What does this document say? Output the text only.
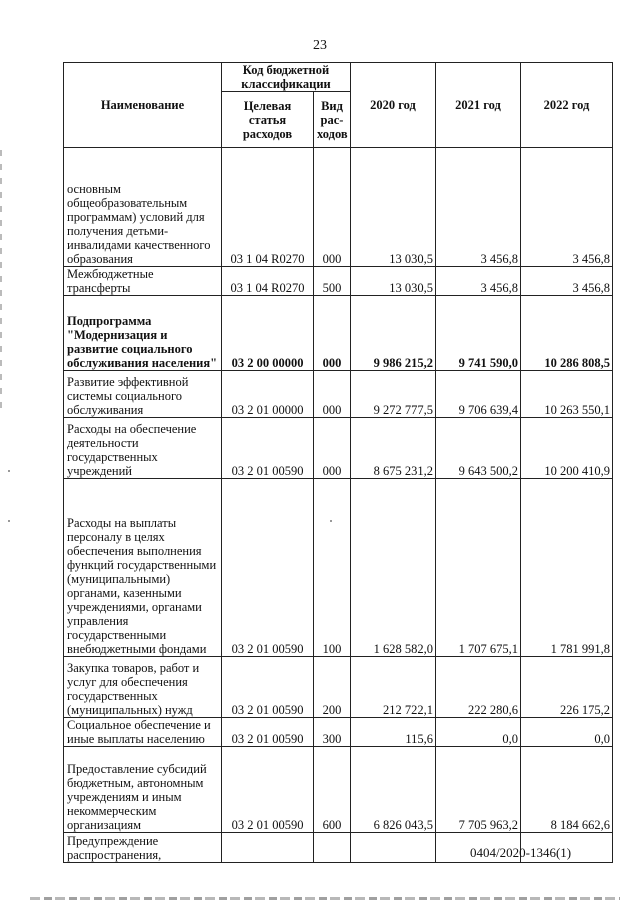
23
Наименование	Код бюджетной классификации		2020 год	2021 год	2022 год
	Целевая статья расходов	Вид рас-ходов			
основным общеобразовательным программам) условий для получения детьми-инвалидами качественного образования	03 1 04 R0270	000	13 030,5	3 456,8	3 456,8
Межбюджетные трансферты	03 1 04 R0270	500	13 030,5	3 456,8	3 456,8
Подпрограмма "Модернизация и развитие социального обслуживания населения"	03 2 00 00000	000	9 986 215,2	9 741 590,0	10 286 808,5
Развитие эффективной системы социального обслуживания	03 2 01 00000	000	9 272 777,5	9 706 639,4	10 263 550,1
Расходы на обеспечение деятельности государственных учреждений	03 2 01 00590	000	8 675 231,2	9 643 500,2	10 200 410,9
Расходы на выплаты персоналу в целях обеспечения выполнения функций государственными (муниципальными) органами, казенными учреждениями, органами управления государственными внебюджетными фондами	03 2 01 00590	100	1 628 582,0	1 707 675,1	1 781 991,8
Закупка товаров, работ и услуг для обеспечения государственных (муниципальных) нужд	03 2 01 00590	200	212 722,1	222 280,6	226 175,2
Социальное обеспечение и иные выплаты населению	03 2 01 00590	300	115,6	0,0	0,0
Предоставление субсидий бюджетным, автономным учреждениям и иным некоммерческим организациям	03 2 01 00590	600	6 826 043,5	7 705 963,2	8 184 662,6
Предупреждение распространения,						0404/2020-1346(1)
